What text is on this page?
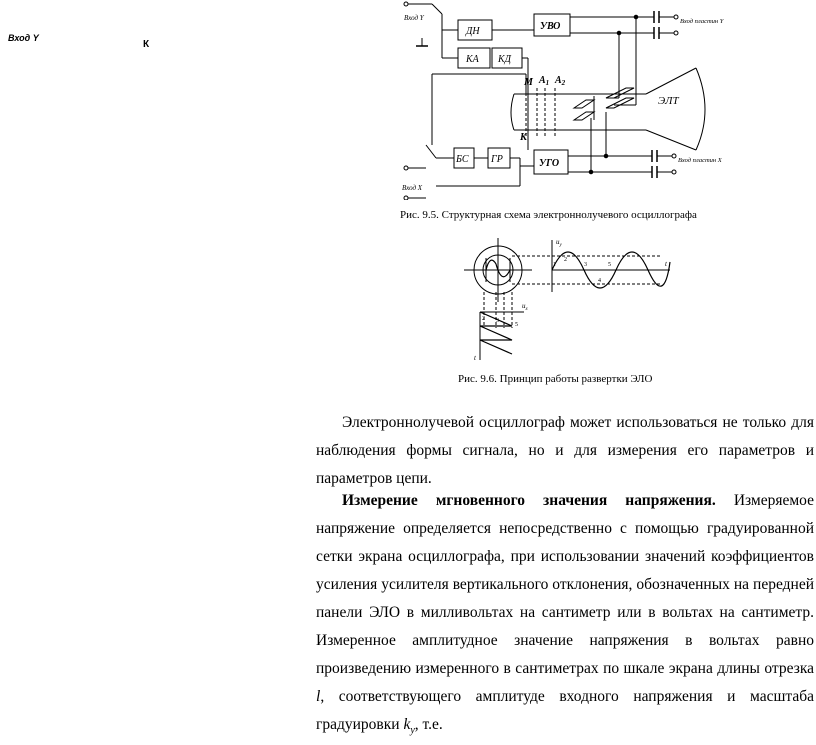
Вход Y
К
Вход Y
ДН	УВО	Вход пластин Y
КА КД
М $А_1$ $А_2$
К
ЭЛТ
Вход X
БС ГР	УГО	Вход пластин X
Рис. 9.5. Структурная схема электроннолучевого осциллографа
$u_y$
t
1
2
3
4
5
$u_x$
t
2 3
5
Рис. 9.6. Принцип работы развертки ЭЛО

Электроннолучевой осциллограф может использоваться не только для наблюдения формы сигнала, но и для измерения его параметров и параметров цепи.

Измерение мгновенного значения напряжения. Измеряемое напряжение определяется непосредственно с помощью градуированной сетки экрана осциллографа, при использовании значений коэффициентов усиления усилителя вертикального отклонения, обозначенных на передней панели ЭЛО в милливольтах на сантиметр или в вольтах на сантиметр. Измеренное амплитудное значение напряжения в вольтах равно произведению измеренного в сантиметрах по шкале экрана длины отрезка l, соответствующего амплитуде входного напряжения и масштаба градуировки $k_y$, т.е.
